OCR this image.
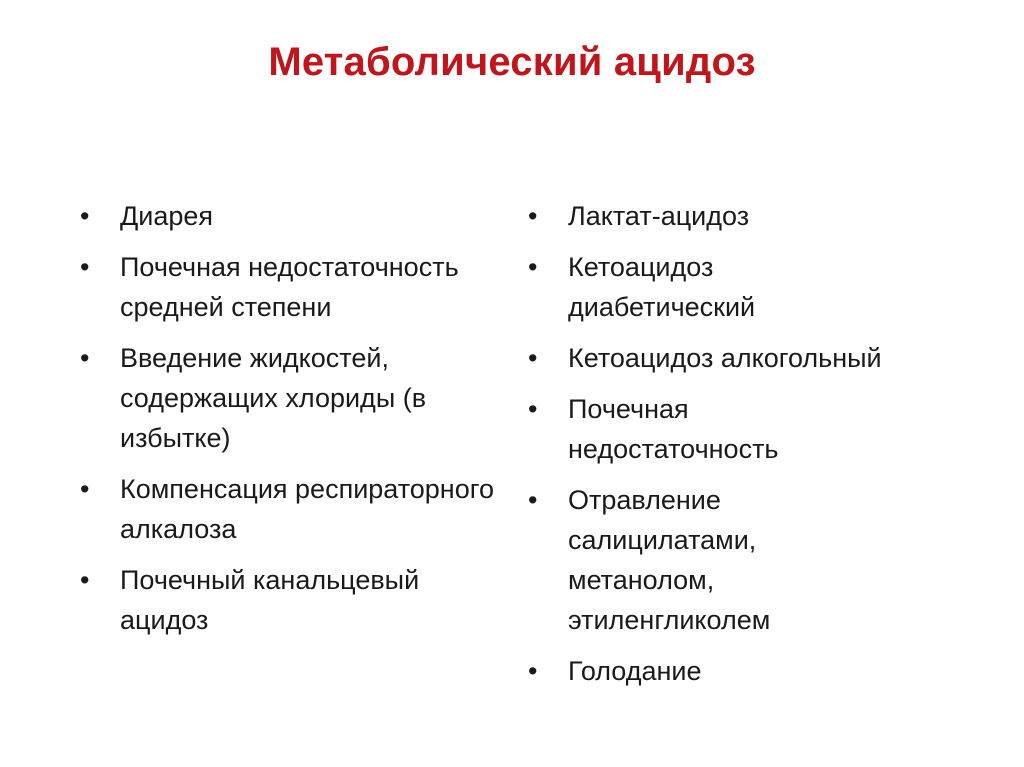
Метаболический ацидоз
• Диарея
• Почечная недостаточность средней степени
• Введение жидкостей, содержащих хлориды (в избытке)
• Компенсация респираторного алкалоза
• Почечный канальцевый ацидоз
• Лактат-ацидоз
• Кетоацидоз диабетический
• Кетоацидоз алкогольный
• Почечная недостаточность
• Отравление салицилатами, метанолом, этиленгликолем
• Голодание
